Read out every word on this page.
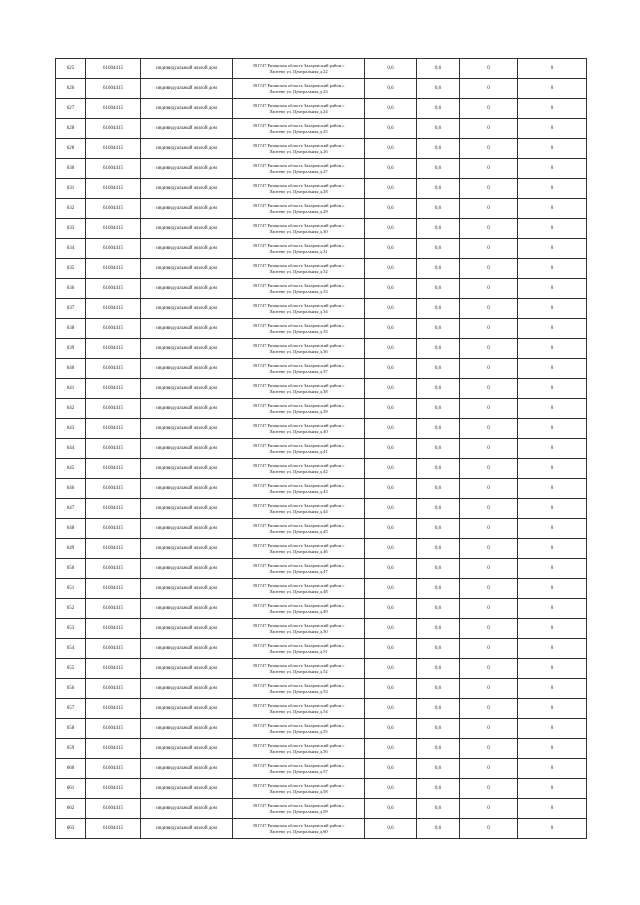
625	61604415	индивидуальный жилой дом	391747 Рязанская область Захаровский район с
Лаптево ул. Центральная д.22	0,6	0,6	0	0
626	61604415	индивидуальный жилой дом	391747 Рязанская область Захаровский район с
Лаптево ул. Центральная д.23	0,6	0,6	0	0
627	61604415	индивидуальный жилой дом	391747 Рязанская область Захаровский район с
Лаптево ул. Центральная д.24	0,6	0,6	0	0
628	61604415	индивидуальный жилой дом	391747 Рязанская область Захаровский район с
Лаптево ул. Центральная д.25	0,6	0,6	0	0
628	61604415	индивидуальный жилой дом	391747 Рязанская область Захаровский район с
Лаптево ул. Центральная д.26	0,6	0,6	0	0
630	61604415	индивидуальный жилой дом	391747 Рязанская область Захаровский район с
Лаптево ул. Центральная д.27	0,6	0,6	0	0
631	61604415	индивидуальный жилой дом	391747 Рязанская область Захаровский район с
Лаптево ул. Центральная д.28	0,6	0,6	0	0
632	61604415	индивидуальный жилой дом	391747 Рязанская область Захаровский район с
Лаптево ул. Центральная д.29	0,6	0,6	0	0
633	61604415	индивидуальный жилой дом	391747 Рязанская область Захаровский район с
Лаптево ул. Центральная д.30	0,6	0,6	0	0
634	61604415	индивидуальный жилой дом	391747 Рязанская область Захаровский район с
Лаптево ул. Центральная д.31	0,6	0,6	0	0
635	61604415	индивидуальный жилой дом	391747 Рязанская область Захаровский район с
Лаптево ул. Центральная д.32	0,6	0,6	0	0
636	61604415	индивидуальный жилой дом	391747 Рязанская область Захаровский район с
Лаптево ул. Центральная д.33	0,6	0,6	0	0
637	61604415	индивидуальный жилой дом	391747 Рязанская область Захаровский район с
Лаптево ул. Центральная д.34	0,6	0,6	0	0
638	61604415	индивидуальный жилой дом	391747 Рязанская область Захаровский район с
Лаптево ул. Центральная д.35	0,6	0,6	0	0
639	61604415	индивидуальный жилой дом	391747 Рязанская область Захаровский район с
Лаптево ул. Центральная д.36	0,6	0,6	0	0
640	61604415	индивидуальный жилой дом	391747 Рязанская область Захаровский район с
Лаптево ул. Центральная д.37	0,6	0,6	0	0
641	61604415	индивидуальный жилой дом	391747 Рязанская область Захаровский район с
Лаптево ул. Центральная д.38	0,6	0,6	0	0
642	61604415	индивидуальный жилой дом	391747 Рязанская область Захаровский район с
Лаптево ул. Центральная д.39	0,6	0,6	0	0
643	61604415	индивидуальный жилой дом	391747 Рязанская область Захаровский район с
Лаптево ул. Центральная д.40	0,6	0,6	0	0
644	61604415	индивидуальный жилой дом	391747 Рязанская область Захаровский район с
Лаптево ул. Центральная д.41	0,6	0,6	0	0
645	61604415	индивидуальный жилой дом	391747 Рязанская область Захаровский район с
Лаптево ул. Центральная д.42	0,6	0,6	0	0
646	61604415	индивидуальный жилой дом	391747 Рязанская область Захаровский район с
Лаптево ул. Центральная д.43	0,6	0,6	0	0
647	61604415	индивидуальный жилой дом	391747 Рязанская область Захаровский район с
Лаптево ул. Центральная д.44	0,6	0,6	0	0
648	61604415	индивидуальный жилой дом	391747 Рязанская область Захаровский район с
Лаптево ул. Центральная д.45	0,6	0,6	0	0
649	61604415	индивидуальный жилой дом	391747 Рязанская область Захаровский район с
Лаптево ул. Центральная д.46	0,6	0,6	0	0
650	61604415	индивидуальный жилой дом	391747 Рязанская область Захаровский район с
Лаптево ул. Центральная д.47	0,6	0,6	0	0
651	61604415	индивидуальный жилой дом	391747 Рязанская область Захаровский район с
Лаптево ул. Центральная д.48	0,6	0,6	0	0
652	61604415	индивидуальный жилой дом	391747 Рязанская область Захаровский район с
Лаптево ул. Центральная д.49	0,6	0,6	0	0
653	61604415	индивидуальный жилой дом	391747 Рязанская область Захаровский район с
Лаптево ул. Центральная д.50	0,6	0,6	0	0
654	61604415	индивидуальный жилой дом	391747 Рязанская область Захаровский район с
Лаптево ул. Центральная д.51	0,6	0,6	0	0
655	61604415	индивидуальный жилой дом	391747 Рязанская область Захаровский район с
Лаптево ул. Центральная д.52	0,6	0,6	0	0
656	61604415	индивидуальный жилой дом	391747 Рязанская область Захаровский район с
Лаптево ул. Центральная д.53	0,6	0,6	0	0
657	61604415	индивидуальный жилой дом	391747 Рязанская область Захаровский район с
Лаптево ул. Центральная д.54	0,6	0,6	0	0
658	61604415	индивидуальный жилой дом	391747 Рязанская область Захаровский район с
Лаптево ул. Центральная д.55	0,6	0,6	0	0
659	61604415	индивидуальный жилой дом	391747 Рязанская область Захаровский район с
Лаптево ул. Центральная д.56	0,6	0,6	0	0
660	61604415	индивидуальный жилой дом	391747 Рязанская область Захаровский район с
Лаптево ул. Центральная д.57	0,6	0,6	0	0
661	61604415	индивидуальный жилой дом	391747 Рязанская область Захаровский район с
Лаптево ул. Центральная д.58	0,6	0,6	0	0
662	61604415	индивидуальный жилой дом	391747 Рязанская область Захаровский район с
Лаптево ул. Центральная д.59	0,6	0,6	0	0
663	61604415	индивидуальный жилой дом	391747 Рязанская область Захаровский район с
Лаптево ул. Центральная д.60	0,6	0,6	0	0
